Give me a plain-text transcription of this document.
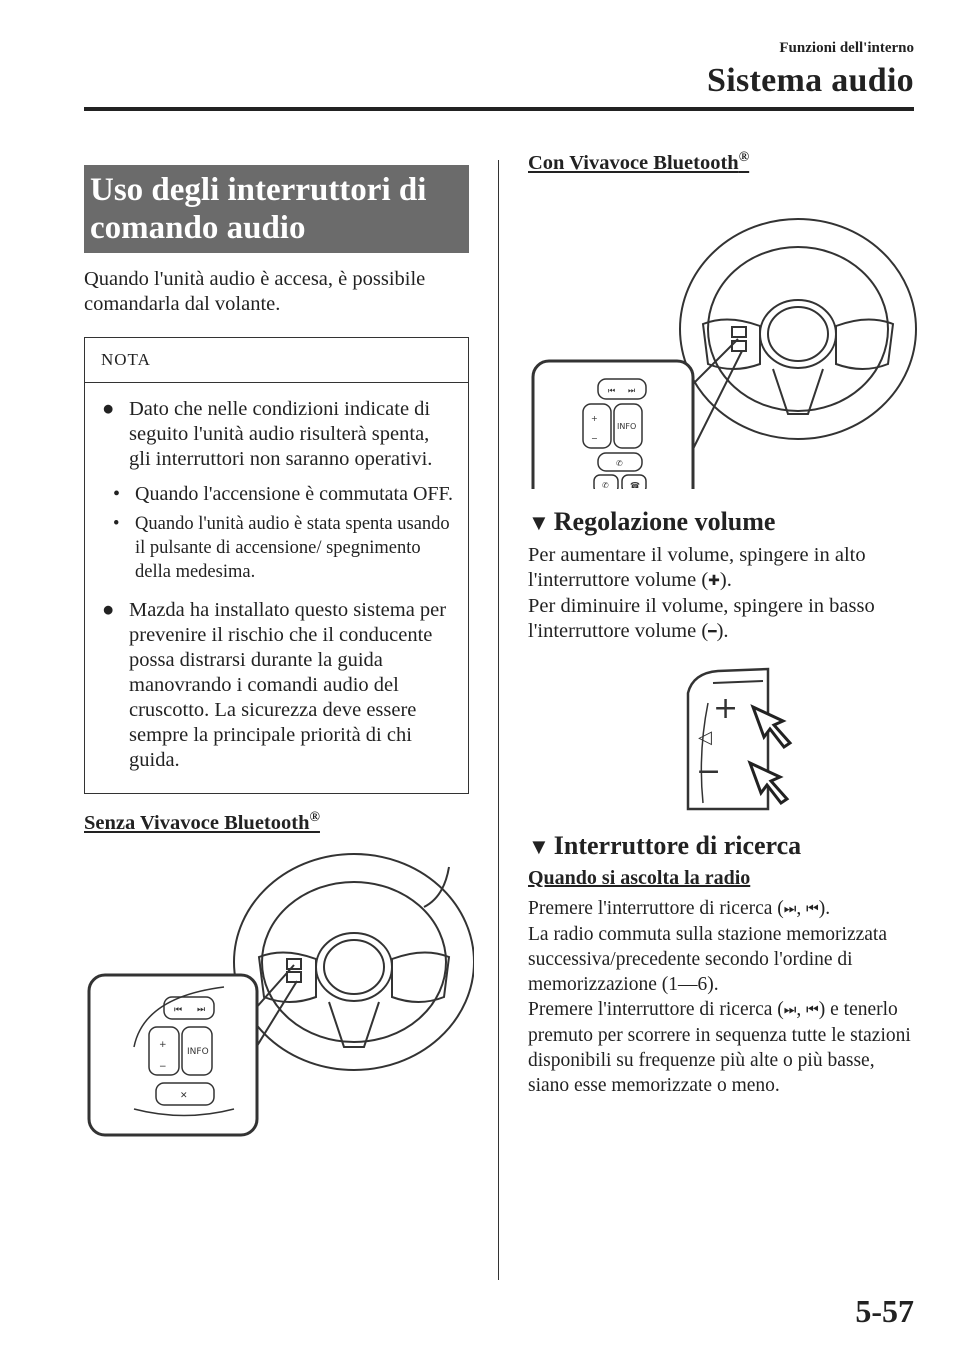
Funzioni dell'interno
Sistema audio
Uso degli interruttori di comando audio

Quando l'unità audio è accesa, è possibile comandarla dal volante.

NOTA
● Dato che nelle condizioni indicate di seguito l'unità audio risulterà spenta, gli interruttori non saranno operativi.
• Quando l'accensione è commutata OFF.
• Quando l'unità audio è stata spenta usando il pulsante di accensione/ spegnimento della medesima.
● Mazda ha installato questo sistema per prevenire il rischio che il conducente possa distrarsi durante la guida manovrando i comandi audio del cruscotto. La sicurezza deve essere sempre la principale priorità di chi guida.
Senza Vivavoce Bluetooth®
⏮ ⏭
+
−
INFO
✕
Con Vivavoce Bluetooth®
⏮ ⏭
+
−
INFO
✆
✆	☎
▼ Regolazione volume

Per aumentare il volume, spingere in alto l'interruttore volume (✚).

Per diminuire il volume, spingere in basso l'interruttore volume (━).

+
◁
−
▼ Interruttore di ricerca
Quando si ascolta la radio

Premere l'interruttore di ricerca (⏭, ⏮).

La radio commuta sulla stazione memorizzata successiva/precedente secondo l'ordine di memorizzazione (1—6).

Premere l'interruttore di ricerca (⏭, ⏮) e tenerlo premuto per scorrere in sequenza tutte le stazioni disponibili su frequenze più alte o più basse, siano esse memorizzate o meno.

5-57
